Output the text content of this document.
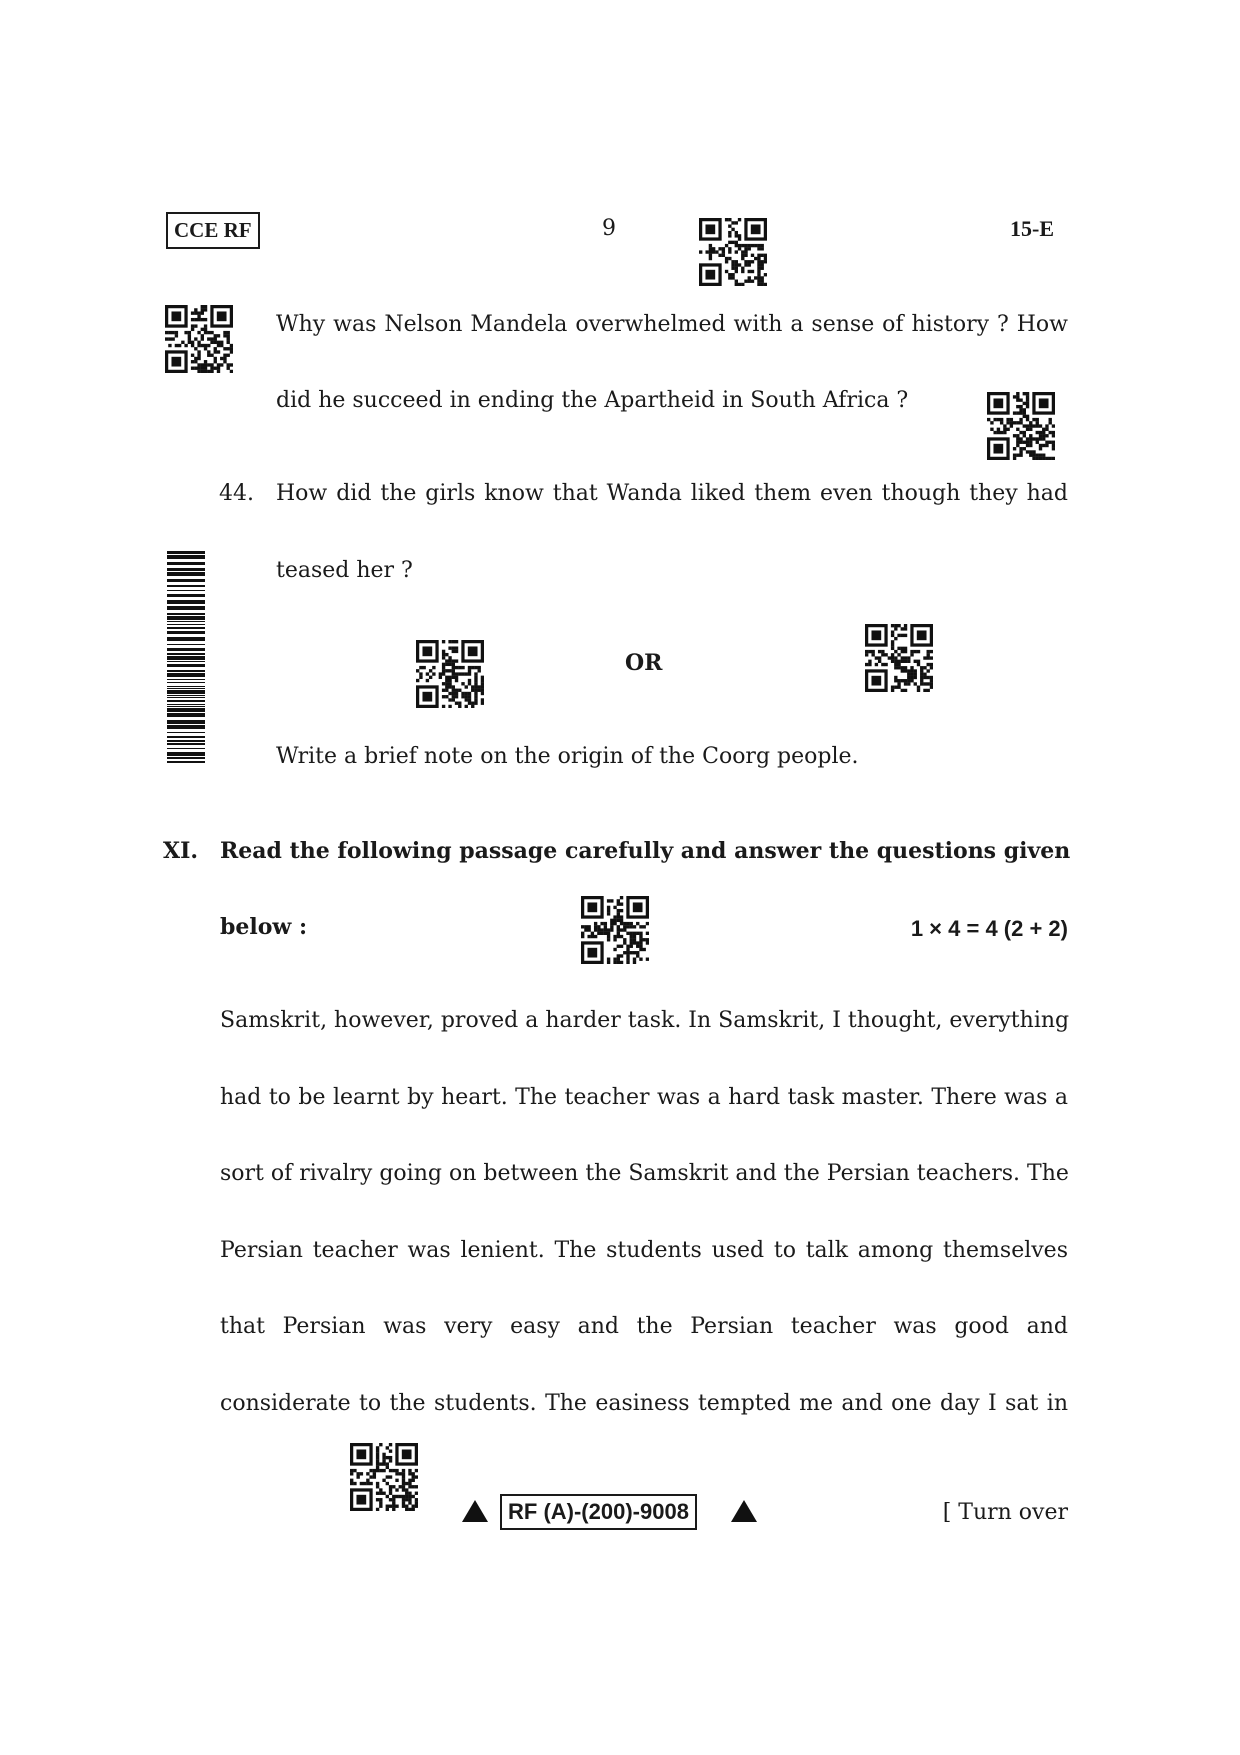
CCE RF	9	15-E
Why was Nelson Mandela overwhelmed with a sense of history ? How
did he succeed in ending the Apartheid in South Africa ?
44. How did the girls know that Wanda liked them even though they had
teased her ?
OR
Write a brief note on the origin of the Coorg people.
XI. Read the following passage carefully and answer the questions given
below :	1 × 4 = 4 (2 + 2)
Samskrit, however, proved a harder task. In Samskrit, I thought, everything
had to be learnt by heart. The teacher was a hard task master. There was a
sort of rivalry going on between the Samskrit and the Persian teachers. The
Persian teacher was lenient. The students used to talk among themselves
that Persian was very easy and the Persian teacher was good and
considerate to the students. The easiness tempted me and one day I sat in
RF (A)-(200)-9008	[ Turn over
